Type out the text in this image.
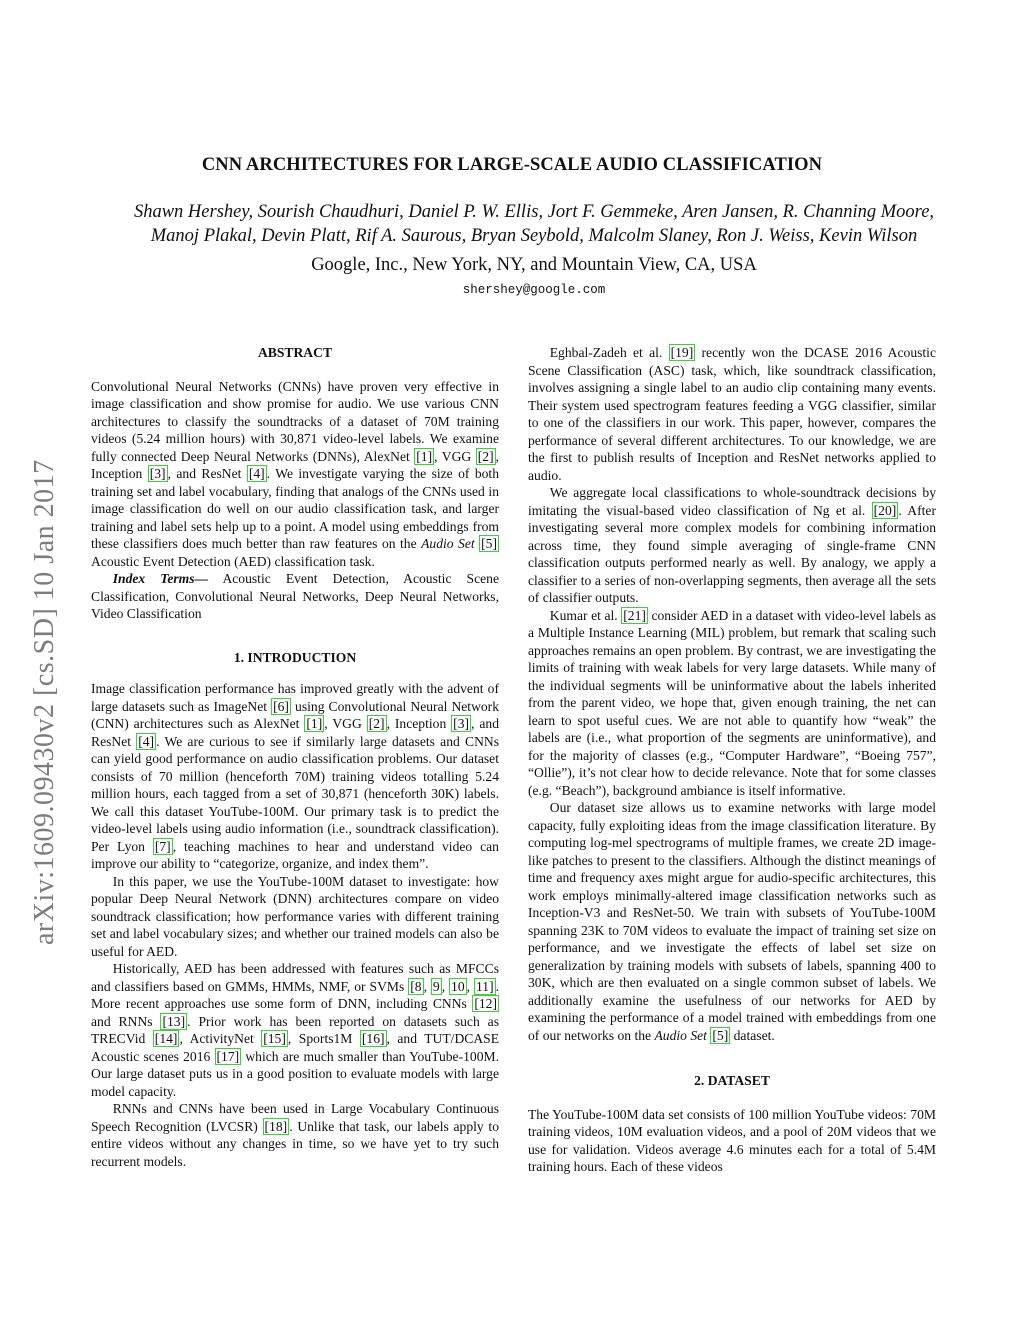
arXiv:1609.09430v2 [cs.SD] 10 Jan 2017
CNN ARCHITECTURES FOR LARGE-SCALE AUDIO CLASSIFICATION
Shawn Hershey, Sourish Chaudhuri, Daniel P. W. Ellis, Jort F. Gemmeke, Aren Jansen, R. Channing Moore,
Manoj Plakal, Devin Platt, Rif A. Saurous, Bryan Seybold, Malcolm Slaney, Ron J. Weiss, Kevin Wilson
Google, Inc., New York, NY, and Mountain View, CA, USA
shershey@google.com
ABSTRACT

Convolutional Neural Networks (CNNs) have proven very effective in image classification and show promise for audio. We use various CNN architectures to classify the soundtracks of a dataset of 70M training videos (5.24 million hours) with 30,871 video-level labels. We examine fully connected Deep Neural Networks (DNNs), AlexNet [1] , VGG [2] , Inception [3] , and ResNet [4] . We investigate varying the size of both training set and label vocabulary, finding that analogs of the CNNs used in image classification do well on our audio classification task, and larger training and label sets help up to a point. A model using embeddings from these classifiers does much better than raw features on the Audio Set [5] Acoustic Event Detection (AED) classification task.

Index Terms— Acoustic Event Detection, Acoustic Scene Classification, Convolutional Neural Networks, Deep Neural Networks, Video Classification

1. INTRODUCTION

Image classification performance has improved greatly with the advent of large datasets such as ImageNet [6] using Convolutional Neural Network (CNN) architectures such as AlexNet [1] , VGG [2] , Inception [3] , and ResNet [4] . We are curious to see if similarly large datasets and CNNs can yield good performance on audio classification problems. Our dataset consists of 70 million (henceforth 70M) training videos totalling 5.24 million hours, each tagged from a set of 30,871 (henceforth 30K) labels. We call this dataset YouTube-100M. Our primary task is to predict the video-level labels using audio information (i.e., soundtrack classification). Per Lyon [7] , teaching machines to hear and understand video can improve our ability to “categorize, organize, and index them”.

In this paper, we use the YouTube-100M dataset to investigate: how popular Deep Neural Network (DNN) architectures compare on video soundtrack classification; how performance varies with different training set and label vocabulary sizes; and whether our trained models can also be useful for AED.

Historically, AED has been addressed with features such as MFCCs and classifiers based on GMMs, HMMs, NMF, or SVMs [8 , 9 , 10 , 11] . More recent approaches use some form of DNN, including CNNs [12] and RNNs [13] . Prior work has been reported on datasets such as TRECVid [14] , ActivityNet [15] , Sports1M [16] , and TUT/DCASE Acoustic scenes 2016 [17] which are much smaller than YouTube-100M. Our large dataset puts us in a good position to evaluate models with large model capacity.

RNNs and CNNs have been used in Large Vocabulary Continuous Speech Recognition (LVCSR) [18] . Unlike that task, our labels apply to entire videos without any changes in time, so we have yet to try such recurrent models.

Eghbal-Zadeh et al. [19] recently won the DCASE 2016 Acoustic Scene Classification (ASC) task, which, like soundtrack classification, involves assigning a single label to an audio clip containing many events. Their system used spectrogram features feeding a VGG classifier, similar to one of the classifiers in our work. This paper, however, compares the performance of several different architectures. To our knowledge, we are the first to publish results of Inception and ResNet networks applied to audio.

We aggregate local classifications to whole-soundtrack decisions by imitating the visual-based video classification of Ng et al. [20] . After investigating several more complex models for combining information across time, they found simple averaging of single-frame CNN classification outputs performed nearly as well. By analogy, we apply a classifier to a series of non-overlapping segments, then average all the sets of classifier outputs.

Kumar et al. [21] consider AED in a dataset with video-level labels as a Multiple Instance Learning (MIL) problem, but remark that scaling such approaches remains an open problem. By contrast, we are investigating the limits of training with weak labels for very large datasets. While many of the individual segments will be uninformative about the labels inherited from the parent video, we hope that, given enough training, the net can learn to spot useful cues. We are not able to quantify how “weak” the labels are (i.e., what proportion of the segments are uninformative), and for the majority of classes (e.g., “Computer Hardware”, “Boeing 757”, “Ollie”), it’s not clear how to decide relevance. Note that for some classes (e.g. “Beach”), background ambiance is itself informative.

Our dataset size allows us to examine networks with large model capacity, fully exploiting ideas from the image classification literature. By computing log-mel spectrograms of multiple frames, we create 2D image-like patches to present to the classifiers. Although the distinct meanings of time and frequency axes might argue for audio-specific architectures, this work employs minimally-altered image classification networks such as Inception-V3 and ResNet-50. We train with subsets of YouTube-100M spanning 23K to 70M videos to evaluate the impact of training set size on performance, and we investigate the effects of label set size on generalization by training models with subsets of labels, spanning 400 to 30K, which are then evaluated on a single common subset of labels. We additionally examine the usefulness of our networks for AED by examining the performance of a model trained with embeddings from one of our networks on the Audio Set [5] dataset.

2. DATASET

The YouTube-100M data set consists of 100 million YouTube videos: 70M training videos, 10M evaluation videos, and a pool of 20M videos that we use for validation. Videos average 4.6 minutes each for a total of 5.4M training hours. Each of these videos
